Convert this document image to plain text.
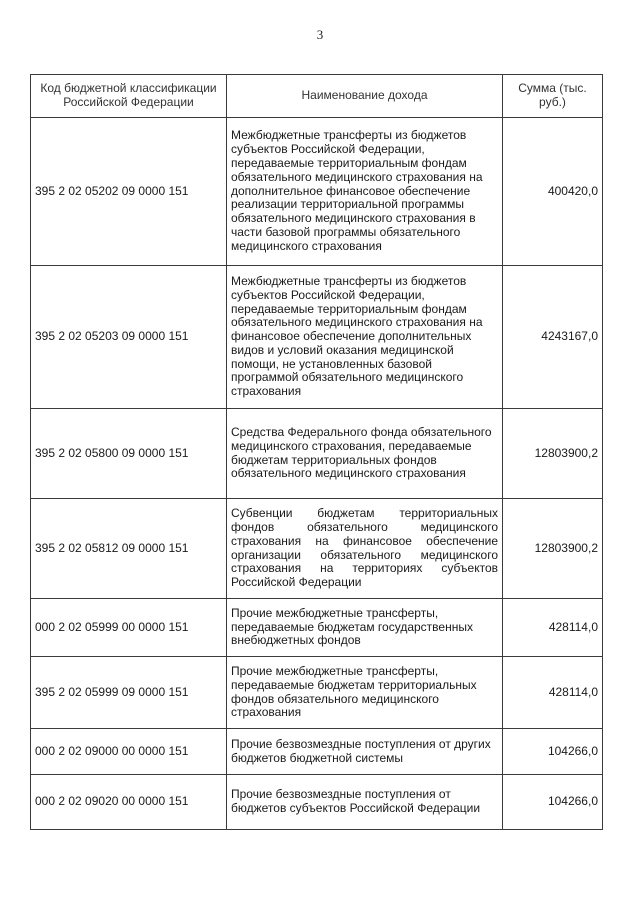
3
Код бюджетной классификации Российской Федерации	Наименование дохода	Сумма (тыс. руб.)
395 2 02 05202 09 0000 151	Межбюджетные трансферты из бюджетов субъектов Российской Федерации, передаваемые территориальным фондам обязательного медицинского страхования на дополнительное финансовое обеспечение реализации территориальной программы обязательного медицинского страхования в части базовой программы обязательного медицинского страхования	400420,0
395 2 02 05203 09 0000 151	Межбюджетные трансферты из бюджетов субъектов Российской Федерации, передаваемые территориальным фондам обязательного медицинского страхования на финансовое обеспечение дополнительных видов и условий оказания медицинской помощи, не установленных базовой программой обязательного медицинского страхования	4243167,0
395 2 02 05800 09 0000 151	Средства Федерального фонда обязательного медицинского страхования, передаваемые бюджетам территориальных фондов обязательного медицинского страхования	12803900,2
395 2 02 05812 09 0000 151	Субвенции бюджетам территориальных фондов обязательного медицинского страхования на финансовое обеспечение организации обязательного медицинского страхования на территориях субъектов Российской Федерации	12803900,2
000 2 02 05999 00 0000 151	Прочие межбюджетные трансферты, передаваемые бюджетам государственных внебюджетных фондов	428114,0
395 2 02 05999 09 0000 151	Прочие межбюджетные трансферты, передаваемые бюджетам территориальных фондов обязательного медицинского страхования	428114,0
000 2 02 09000 00 0000 151	Прочие безвозмездные поступления от других бюджетов бюджетной системы	104266,0
000 2 02 09020 00 0000 151	Прочие безвозмездные поступления от бюджетов субъектов Российской Федерации	104266,0
